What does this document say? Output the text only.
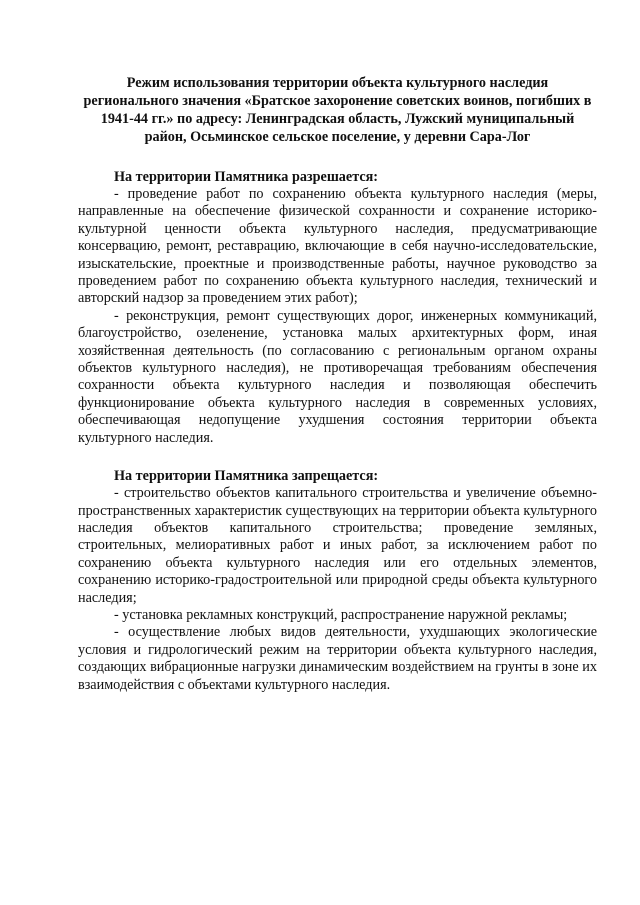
Режим использования территории объекта культурного наследия регионального значения «Братское захоронение советских воинов, погибших в 1941-44 гг.» по адресу: Ленинградская область, Лужский муниципальный район, Осьминское сельское поселение, у деревни Сара-Лог

На территории Памятника разрешается:

- проведение работ по сохранению объекта культурного наследия (меры, направленные на обеспечение физической сохранности и сохранение историко-культурной ценности объекта культурного наследия, предусматривающие консервацию, ремонт, реставрацию, включающие в себя научно-исследовательские, изыскательские, проектные и производственные работы, научное руководство за проведением работ по сохранению объекта культурного наследия, технический и авторский надзор за проведением этих работ);

- реконструкция, ремонт существующих дорог, инженерных коммуникаций, благоустройство, озеленение, установка малых архитектурных форм, иная хозяйственная деятельность (по согласованию с региональным органом охраны объектов культурного наследия), не противоречащая требованиям обеспечения сохранности объекта культурного наследия и позволяющая обеспечить функционирование объекта культурного наследия в современных условиях, обеспечивающая недопущение ухудшения состояния территории объекта культурного наследия.

На территории Памятника запрещается:

- строительство объектов капитального строительства и увеличение объемно-пространственных характеристик существующих на территории объекта культурного наследия объектов капитального строительства; проведение земляных, строительных, мелиоративных работ и иных работ, за исключением работ по сохранению объекта культурного наследия или его отдельных элементов, сохранению историко-градостроительной или природной среды объекта культурного наследия;

- установка рекламных конструкций, распространение наружной рекламы;

- осуществление любых видов деятельности, ухудшающих экологические условия и гидрологический режим на территории объекта культурного наследия, создающих вибрационные нагрузки динамическим воздействием на грунты в зоне их взаимодействия с объектами культурного наследия.
